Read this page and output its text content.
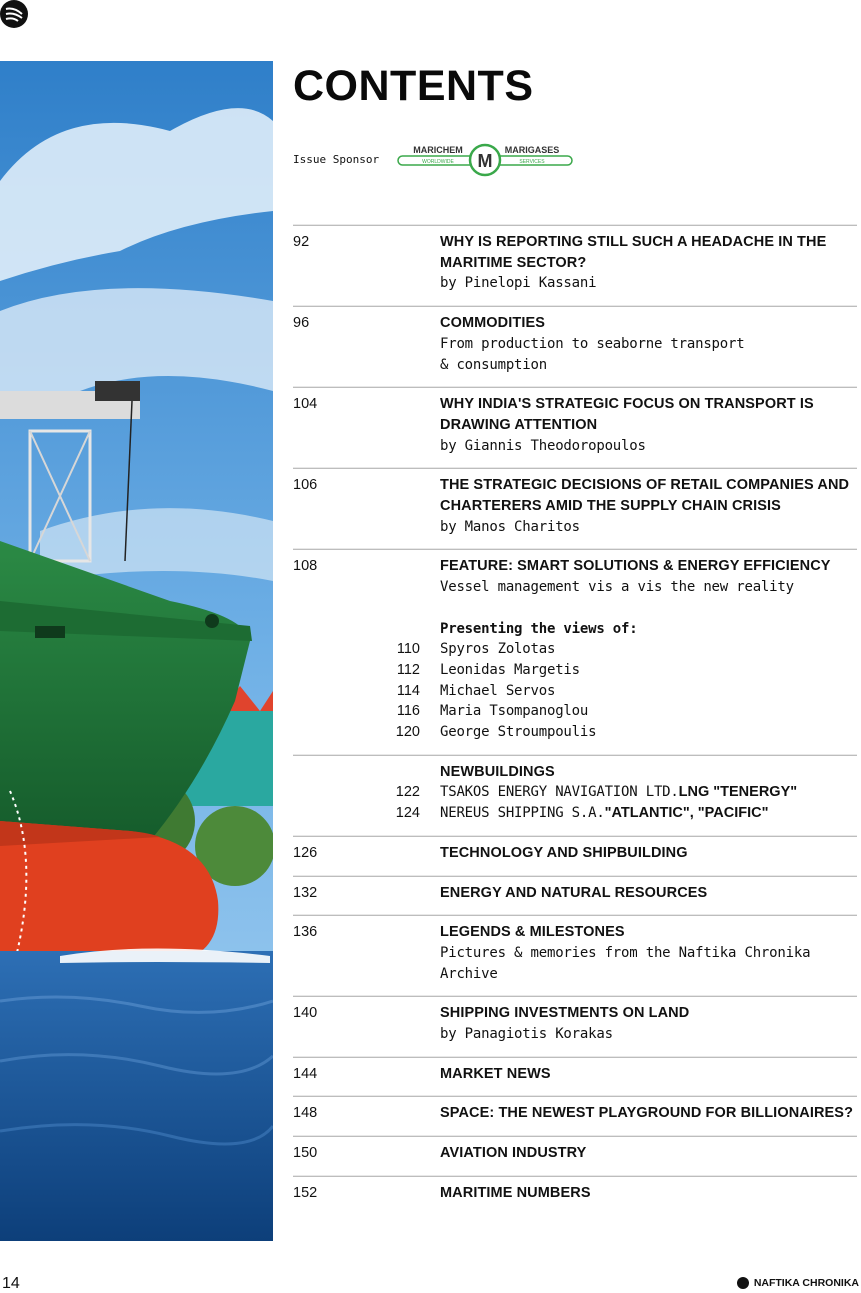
CONTENTS
Issue Sponsor	M
MARICHEM
WORLDWIDE
MARIGASES
SERVICES
92	WHY IS REPORTING STILL SUCH A HEADACHE IN THE MARITIME SECTOR?
by Pinelopi Kassani
96	COMMODITIES
From production to seaborne transport
& consumption
104	WHY INDIA'S STRATEGIC FOCUS ON TRANSPORT IS DRAWING ATTENTION
by Giannis Theodoropoulos
106	THE STRATEGIC DECISIONS OF RETAIL COMPANIES AND CHARTERERS AMID THE SUPPLY CHAIN CRISIS
by Manos Charitos
108	FEATURE: SMART SOLUTIONS & ENERGY EFFICIENCY
Vessel management vis a vis the new reality
Presenting the views of:
110	Spyros Zolotas
112	Leonidas Margetis
114	Michael Servos
116	Maria Tsompanoglou
120	George Stroumpoulis
NEWBUILDINGS
122	TSAKOS ENERGY NAVIGATION LTD.LNG "TENERGY"
124	NEREUS SHIPPING S.A."ATLANTIC", "PACIFIC"
126	TECHNOLOGY AND SHIPBUILDING
132	ENERGY AND NATURAL RESOURCES
136	LEGENDS & MILESTONES
Pictures & memories from the Naftika Chronika
Archive
140	SHIPPING INVESTMENTS ON LAND
by Panagiotis Korakas
144	MARKET NEWS
148	SPACE: THE NEWEST PLAYGROUND FOR BILLIONAIRES?
150	AVIATION INDUSTRY
152	MARITIME NUMBERS
14	NAFTIKA CHRONIKA
